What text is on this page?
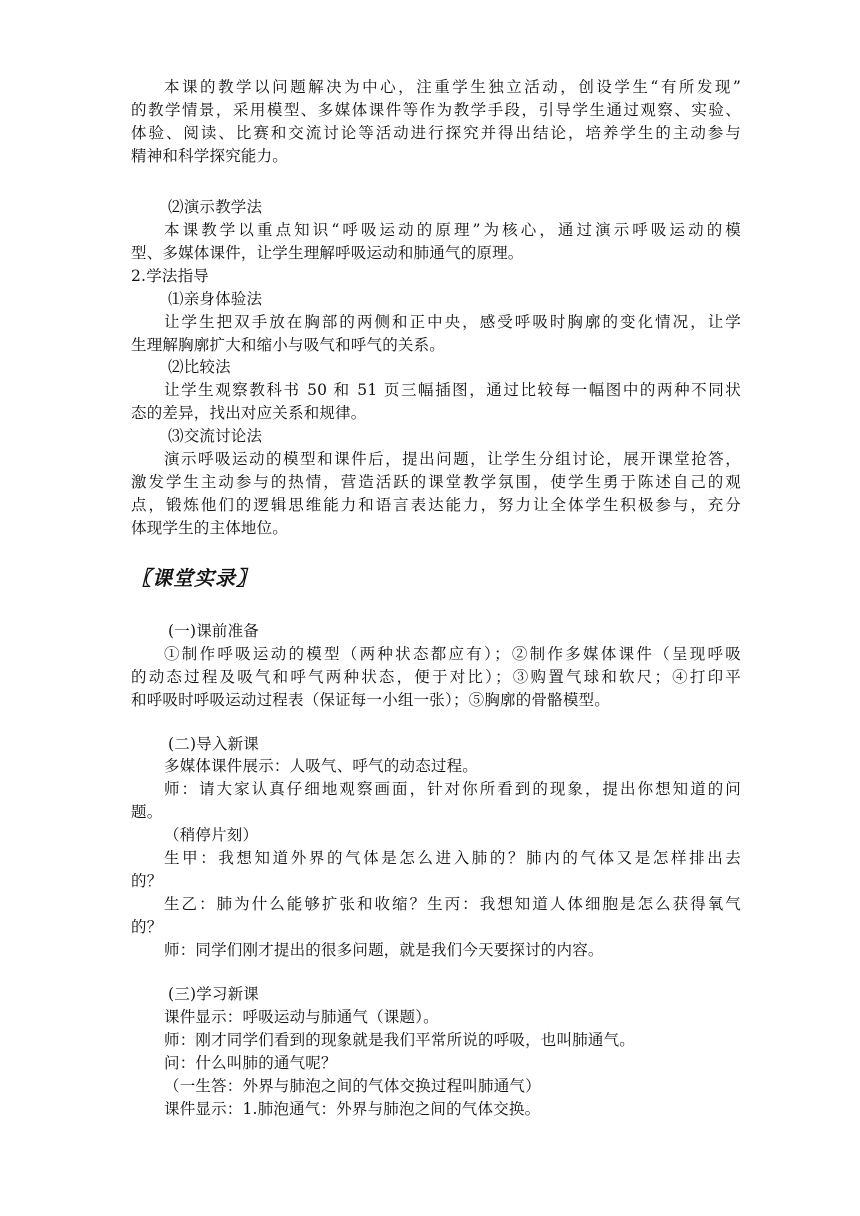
本课的教学以问题解决为中心，注重学生独立活动，创设学生“有所发现”
的教学情景，采用模型、多媒体课件等作为教学手段，引导学生通过观察、实验、
体验、阅读、比赛和交流讨论等活动进行探究并得出结论，培养学生的主动参与
精神和科学探究能力。
⑵演示教学法
本课教学以重点知识“呼吸运动的原理”为核心，通过演示呼吸运动的模
型、多媒体课件，让学生理解呼吸运动和肺通气的原理。
2.学法指导
⑴亲身体验法
让学生把双手放在胸部的两侧和正中央，感受呼吸时胸廓的变化情况，让学
生理解胸廓扩大和缩小与吸气和呼气的关系。
⑵比较法
让学生观察教科书 50 和 51 页三幅插图，通过比较每一幅图中的两种不同状
态的差异，找出对应关系和规律。
⑶交流讨论法
演示呼吸运动的模型和课件后，提出问题，让学生分组讨论，展开课堂抢答，
激发学生主动参与的热情，营造活跃的课堂教学氛围，使学生勇于陈述自己的观
点，锻炼他们的逻辑思维能力和语言表达能力，努力让全体学生积极参与，充分
体现学生的主体地位。
〖课堂实录〗
(一)课前准备
①制作呼吸运动的模型（两种状态都应有）；②制作多媒体课件（呈现呼吸
的动态过程及吸气和呼气两种状态，便于对比）；③购置气球和软尺；④打印平
和呼吸时呼吸运动过程表（保证每一小组一张）；⑤胸廓的骨骼模型。
(二)导入新课
多媒体课件展示：人吸气、呼气的动态过程。
师：请大家认真仔细地观察画面，针对你所看到的现象，提出你想知道的问
题。
（稍停片刻）
生甲：我想知道外界的气体是怎么进入肺的？肺内的气体又是怎样排出去
的？
生乙：肺为什么能够扩张和收缩？生丙：我想知道人体细胞是怎么获得氧气
的？
师：同学们刚才提出的很多问题，就是我们今天要探讨的内容。
(三)学习新课
课件显示：呼吸运动与肺通气（课题）。
师：刚才同学们看到的现象就是我们平常所说的呼吸，也叫肺通气。
问：什么叫肺的通气呢？
（一生答：外界与肺泡之间的气体交换过程叫肺通气）
课件显示：1.肺泡通气：外界与肺泡之间的气体交换。
